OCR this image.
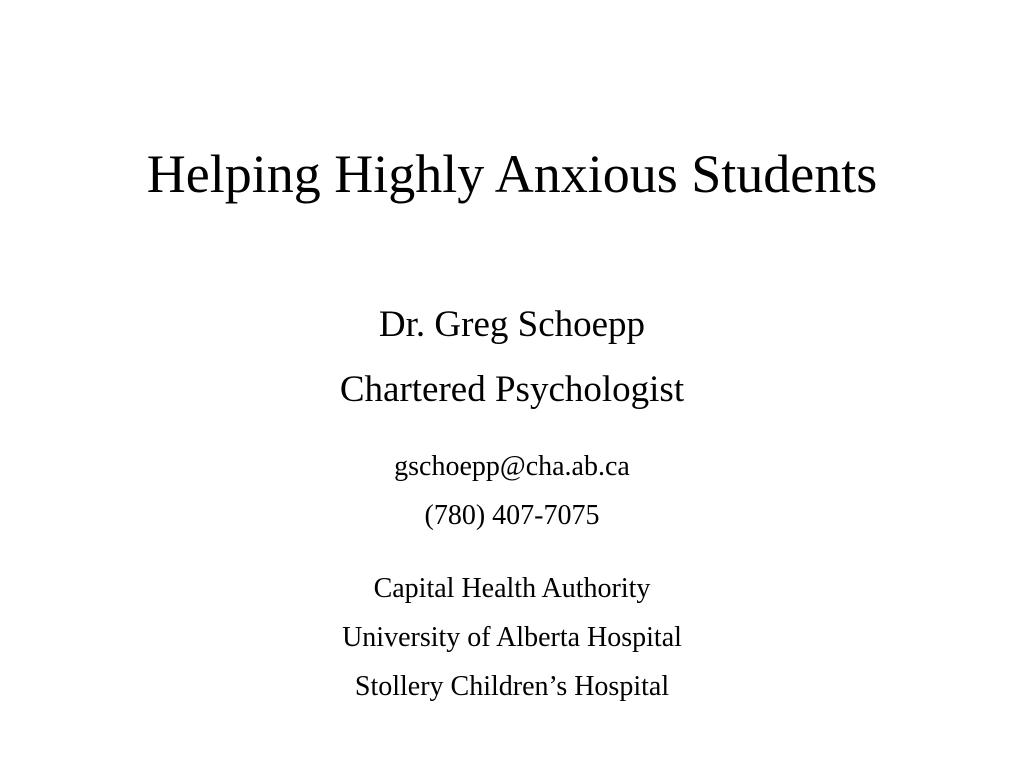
Helping Highly Anxious Students
Dr. Greg Schoepp
Chartered Psychologist
gschoepp@cha.ab.ca
(780) 407-7075
Capital Health Authority
University of Alberta Hospital
Stollery Children’s Hospital
